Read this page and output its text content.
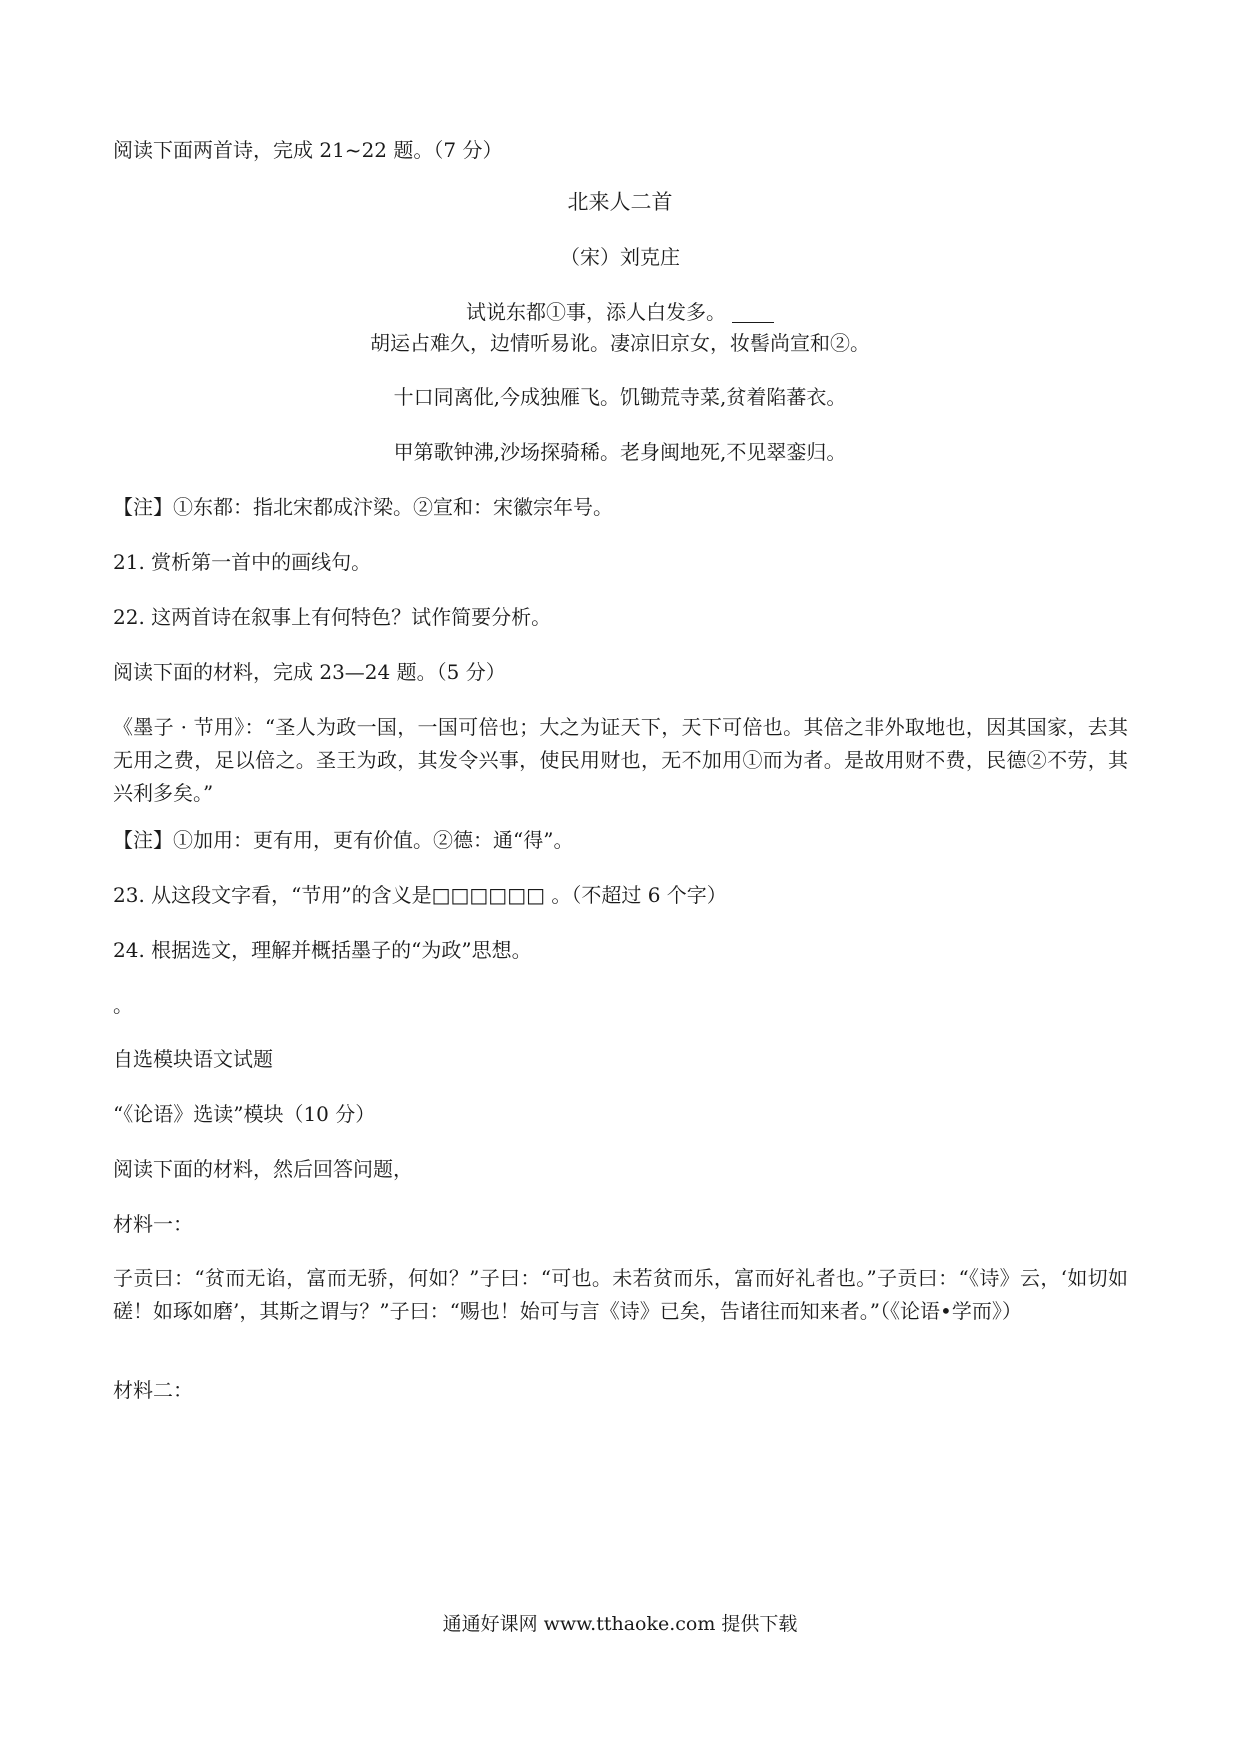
阅读下面两首诗，完成 21~22 题。（7 分）
北来人二首
（宋）刘克庄
试说东都①事，添人白发多。
胡运占难久，边情听易讹。凄凉旧京女，妆髻尚宣和②。
十口同离仳,今成独雁飞。饥锄荒寺菜,贫着陷蕃衣。
甲第歌钟沸,沙场探骑稀。老身闽地死,不见翠銮归。
【注】①东都：指北宋都成汴梁。②宣和：宋徽宗年号。
21. 赏析第一首中的画线句。
22. 这两首诗在叙事上有何特色？试作简要分析。
阅读下面的材料，完成 23—24 题。（5 分）
《墨子 · 节用》：“圣人为政一国，一国可倍也；大之为证天下，天下可倍也。其倍之非外取地也，因其国家，去其无用之费，足以倍之。圣王为政，其发令兴事，使民用财也，无不加用①而为者。是故用财不费，民德②不劳，其兴利多矣。”
【注】①加用：更有用，更有价值。②德：通“得”。
23. 从这段文字看，“节用”的含义是□□□□□□ 。（不超过 6 个字）
24. 根据选文，理解并概括墨子的“为政”思想。
。
自选模块语文试题
“《论语》选读”模块（10 分）
阅读下面的材料，然后回答问题，
材料一：
子贡曰：“贫而无谄，富而无骄，何如？”子曰：“可也。未若贫而乐，富而好礼者也。”子贡曰：“《诗》云，‘如切如磋！如琢如磨’，其斯之谓与？”子曰：“赐也！始可与言《诗》已矣，告诸往而知来者。”（《论语•学而》）
材料二：
通通好课网 www.tthaoke.com 提供下载
